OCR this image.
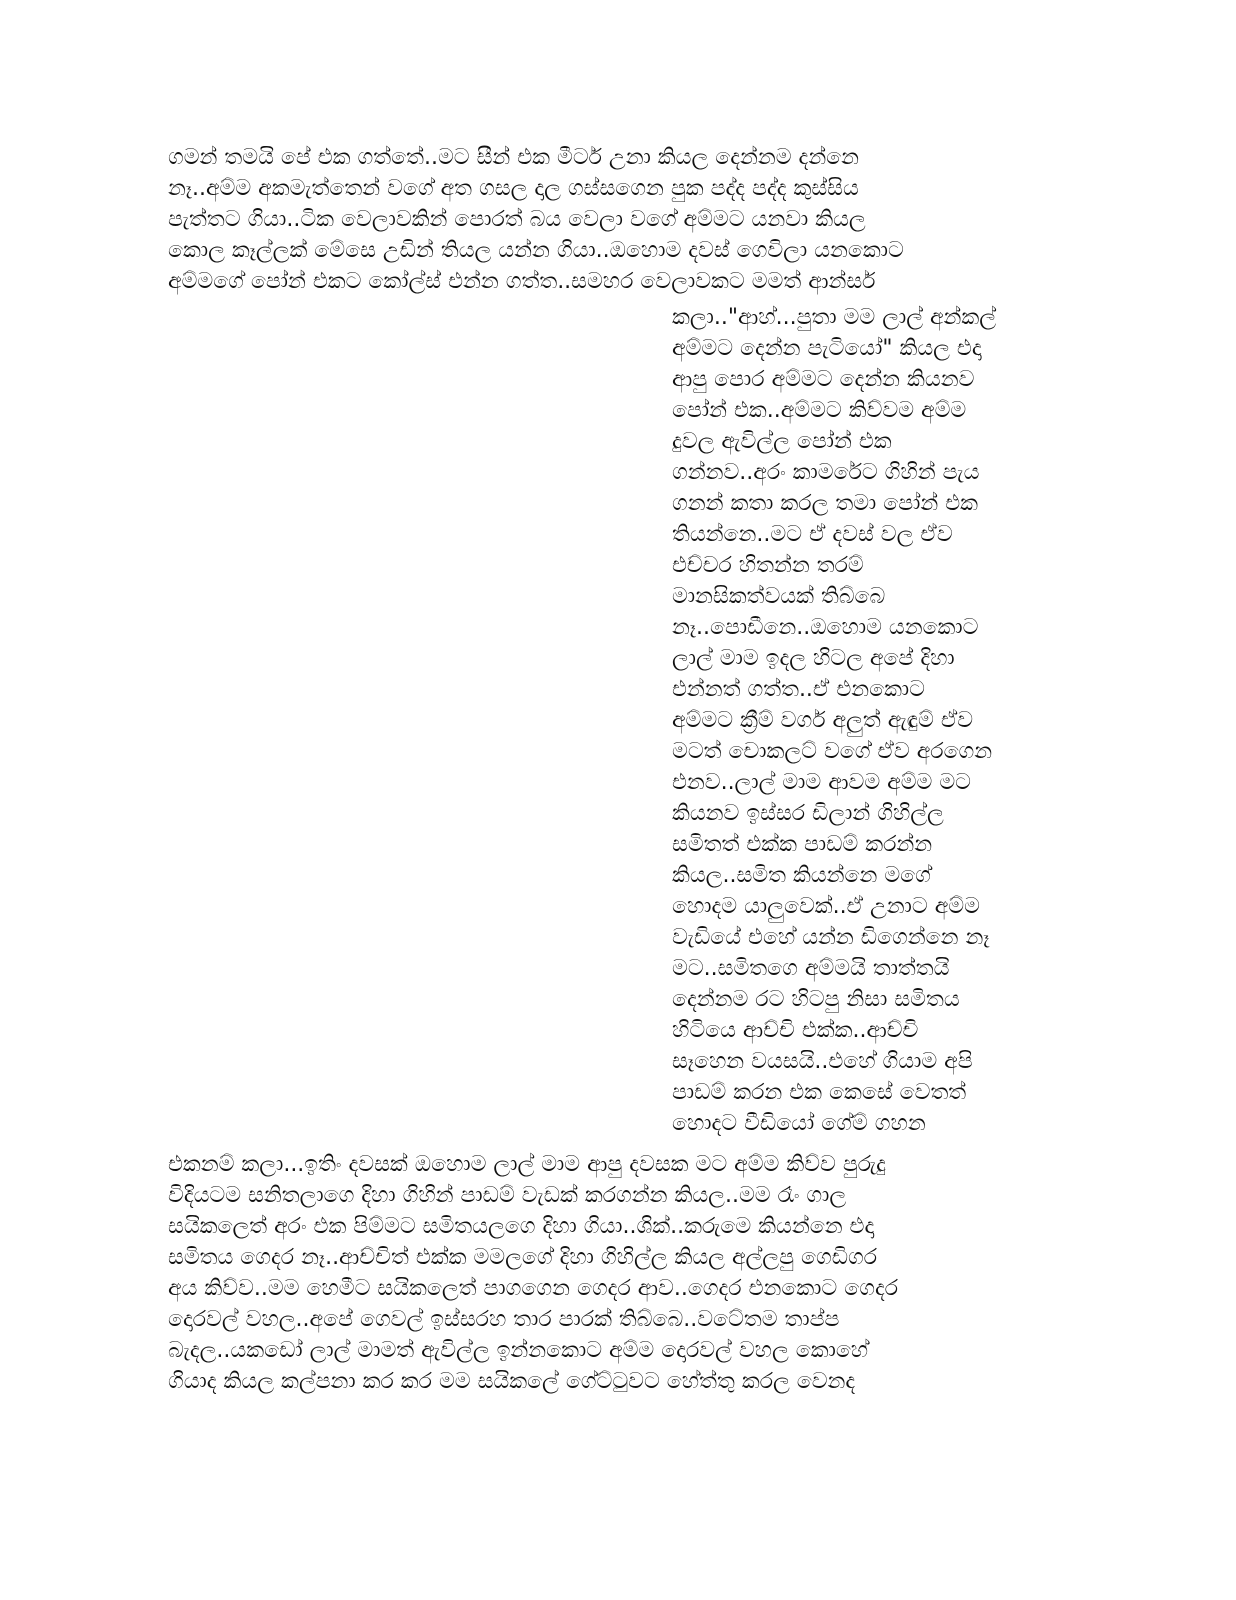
ගමන් තමයි පේ එක ගත්තේ..මට සීන් එක මීටර් උනා කියල දෙන්නම දන්නෙ
නෑ..අම්ම අකමැත්තෙන් වගේ අත ගසල දාල ගස්සගෙන පුක පද්ද පද්ද කුස්සිය
පැත්තට ගියා..ටික වෙලාවකින් පොරත් බය වෙලා වගේ අම්මට යනවා කියල
කොල කෑල්ලක් මේසෙ උඩින් තියල යන්න ගියා..ඔහොම දවස් ගෙවිලා යනකොට
අම්මගේ පෝන් එකට කෝල්ස් එන්න ගත්ත..සමහර වෙලාවකට මමත් ආන්සර්
කලා.."ආහ්...පුතා මම ලාල් අන්කල්
අම්මට දෙන්න පැටියෝ" කියල එදා
ආපු පොර අම්මට දෙන්න කියනව
පෝන් එක..අම්මට කිව්වම අම්ම
දුවල ඇවිල්ල පෝන් එක
ගන්නව..අරං කාමරේට ගිහින් පැය
ගනන් කතා කරල තමා පෝන් එක
තියන්නෙ..මට ඒ දවස් වල ඒව
එච්චර හිතන්න තරම්
මානසිකත්වයක් තිබ්බෙ
නෑ..පොඩීනෙ..ඔහොම යනකොට
ලාල් මාම ඉදල හිටල අපේ දිහා
එන්නත් ගත්ත..ඒ එනකොට
අම්මට ක්‍රීම් වර්ග අලුත් ඇඳුම් ඒව
මටත් චොකලට් වගේ ඒව අරගෙන
එනව..ලාල් මාම ආවම අම්ම මට
කියනව ඉස්සර ඩිලාන් ගිහිල්ල
සමිතත් එක්ක පාඩම් කරන්න
කියල..සමිත කියන්නෙ මගේ
හොදම යාලුවෙක්..ඒ උනාට අම්ම
වැඩියේ එහේ යන්න ඩිගෙන්නෙ නෑ
මට..සමිතගෙ අම්මයි තාත්තයි
දෙන්නම රට හිටපු නිසා සමිතය
හිටියෙ ආච්චි එක්ක..ආච්චි
සෑහෙන වයසයි..එහේ ගියාම අපි
පාඩම් කරන එක කෙසේ වෙතත්
හොදට වීඩියෝ ගේම් ගහන
එකනම් කලා...ඉතිං දවසක් ඔහොම ලාල් මාම ආපු දවසක මට අම්ම කිව්ව පුරුදු
විදියටම සනිතලාගෙ දිහා ගිහින් පාඩම් වැඩක් කරගන්න කියල..මම රෑං ගාල
සයිකලෙත් අරං එක පිම්මට සමිතයලගෙ දිහා ගියා..ශික්..කරුමෙ කියන්නෙ එදා
සමිතය ගෙදර නෑ..ආච්චිත් එක්ක මමලගේ දිහා ගිහිල්ල කියල අල්ලපු ගෙඩිගර
අය කිව්ව..මම හෙමීට සයිකලෙත් පාගගෙන ගෙදර ආව..ගෙදර එනකොට ගෙදර
දොරවල් වහල..අපේ ගෙවල් ඉස්සරහ තාර පාරක් තිබ්බෙ..වටේතම තාප්ප
බැදල..යකඩෝ ලාල් මාමත් ඇවිල්ල ඉන්නකොට අම්ම දොරවල් වහල කොහේ
ගියාද කියල කල්පනා කර කර මම සයිකලේ ගේට්ටුවට හේත්තු කරල වෙනද
